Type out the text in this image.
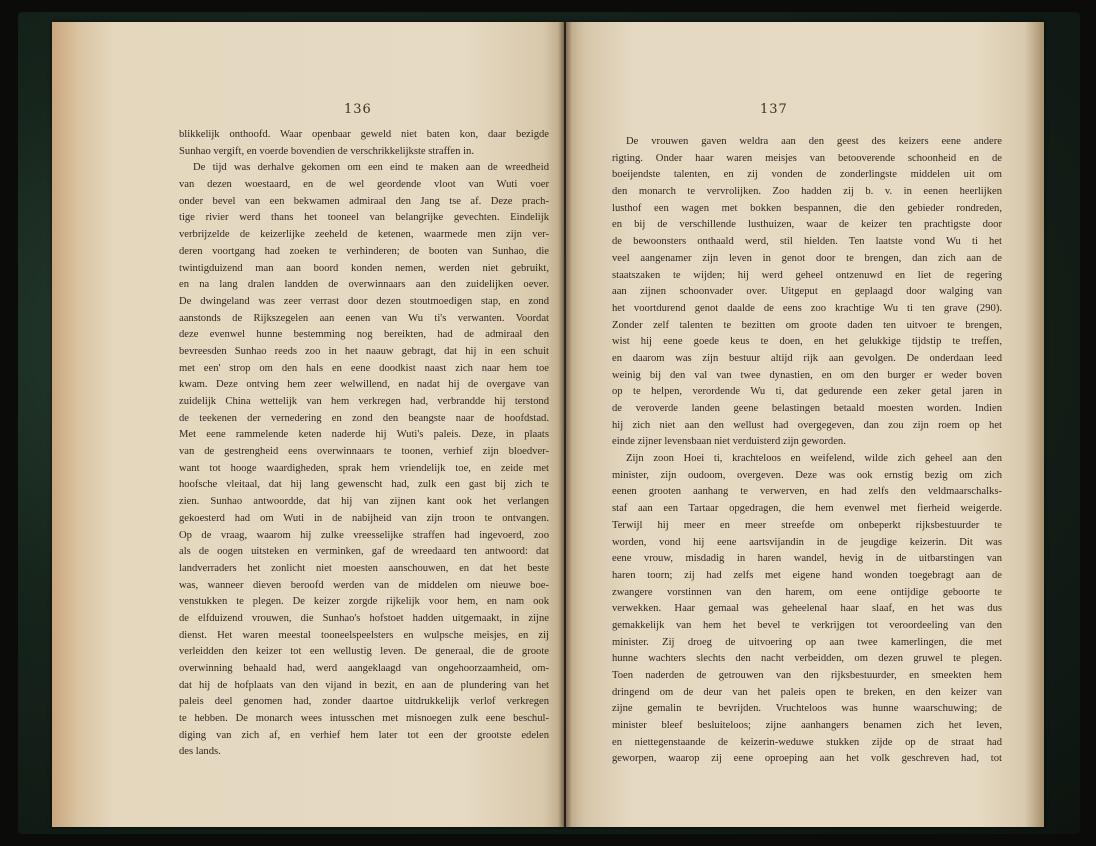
136
blikkelijk onthoofd. Waar openbaar geweld niet baten kon, daar bezigde
Sunhao vergift, en voerde bovendien de verschrikkelijkste straffen in.
De tijd was derhalve gekomen om een eind te maken aan de wreedheid
van dezen woestaard, en de wel geordende vloot van Wuti voer
onder bevel van een bekwamen admiraal den Jang tse af. Deze prach-
tige rivier werd thans het tooneel van belangrijke gevechten. Eindelijk
verbrijzelde de keizerlijke zeeheld de ketenen, waarmede men zijn ver-
deren voortgang had zoeken te verhinderen; de booten van Sunhao, die
twintigduizend man aan boord konden nemen, werden niet gebruikt,
en na lang dralen landden de overwinnaars aan den zuidelijken oever.
De dwingeland was zeer verrast door dezen stoutmoedigen stap, en zond
aanstonds de Rijkszegelen aan eenen van Wu ti's verwanten. Voordat
deze evenwel hunne bestemming nog bereikten, had de admiraal den
bevreesden Sunhao reeds zoo in het naauw gebragt, dat hij in een schuit
met een' strop om den hals en eene doodkist naast zich naar hem toe
kwam. Deze ontving hem zeer welwillend, en nadat hij de overgave van
zuidelijk China wettelijk van hem verkregen had, verbrandde hij terstond
de teekenen der vernedering en zond den beangste naar de hoofdstad.
Met eene rammelende keten naderde hij Wuti's paleis. Deze, in plaats
van de gestrengheid eens overwinnaars te toonen, verhief zijn bloedver-
want tot hooge waardigheden, sprak hem vriendelijk toe, en zeide met
hoofsche vleitaal, dat hij lang gewenscht had, zulk een gast bij zich te
zien. Sunhao antwoordde, dat hij van zijnen kant ook het verlangen
gekoesterd had om Wuti in de nabijheid van zijn troon te ontvangen.
Op de vraag, waarom hij zulke vreesselijke straffen had ingevoerd, zoo
als de oogen uitsteken en verminken, gaf de wreedaard ten antwoord: dat
landverraders het zonlicht niet moesten aanschouwen, en dat het beste
was, wanneer dieven beroofd werden van de middelen om nieuwe boe-
venstukken te plegen. De keizer zorgde rijkelijk voor hem, en nam ook
de elfduizend vrouwen, die Sunhao's hofstoet hadden uitgemaakt, in zijne
dienst. Het waren meestal tooneelspeelsters en wulpsche meisjes, en zij
verleidden den keizer tot een wellustig leven. De generaal, die de groote
overwinning behaald had, werd aangeklaagd van ongehoorzaamheid, om-
dat hij de hofplaats van den vijand in bezit, en aan de plundering van het
paleis deel genomen had, zonder daartoe uitdrukkelijk verlof verkregen
te hebben. De monarch wees intusschen met misnoegen zulk eene beschul-
diging van zich af, en verhief hem later tot een der grootste edelen
des lands.
137
De vrouwen gaven weldra aan den geest des keizers eene andere
rigting. Onder haar waren meisjes van betooverende schoonheid en de
boeijendste talenten, en zij vonden de zonderlingste middelen uit om
den monarch te vervrolijken. Zoo hadden zij b. v. in eenen heerlijken
lusthof een wagen met bokken bespannen, die den gebieder rondreden,
en bij de verschillende lusthuizen, waar de keizer ten prachtigste door
de bewoonsters onthaald werd, stil hielden. Ten laatste vond Wu ti het
veel aangenamer zijn leven in genot door te brengen, dan zich aan de
staatszaken te wijden; hij werd geheel ontzenuwd en liet de regering
aan zijnen schoonvader over. Uitgeput en geplaagd door walging van
het voortdurend genot daalde de eens zoo krachtige Wu ti ten grave (290).
Zonder zelf talenten te bezitten om groote daden ten uitvoer te brengen,
wist hij eene goede keus te doen, en het gelukkige tijdstip te treffen,
en daarom was zijn bestuur altijd rijk aan gevolgen. De onderdaan leed
weinig bij den val van twee dynastien, en om den burger er weder boven
op te helpen, verordende Wu ti, dat gedurende een zeker getal jaren in
de veroverde landen geene belastingen betaald moesten worden. Indien
hij zich niet aan den wellust had overgegeven, dan zou zijn roem op het
einde zijner levensbaan niet verduisterd zijn geworden.
Zijn zoon Hoei ti, krachteloos en weifelend, wilde zich geheel aan den
minister, zijn oudoom, overgeven. Deze was ook ernstig bezig om zich
eenen grooten aanhang te verwerven, en had zelfs den veldmaarschalks-
staf aan een Tartaar opgedragen, die hem evenwel met fierheid weigerde.
Terwijl hij meer en meer streefde om onbeperkt rijksbestuurder te
worden, vond hij eene aartsvijandin in de jeugdige keizerin. Dit was
eene vrouw, misdadig in haren wandel, hevig in de uitbarstingen van
haren toorn; zij had zelfs met eigene hand wonden toegebragt aan de
zwangere vorstinnen van den harem, om eene ontijdige geboorte te
verwekken. Haar gemaal was geheelenal haar slaaf, en het was dus
gemakkelijk van hem het bevel te verkrijgen tot veroordeeling van den
minister. Zij droeg de uitvoering op aan twee kamerlingen, die met
hunne wachters slechts den nacht verbeidden, om dezen gruwel te plegen.
Toen naderden de getrouwen van den rijksbestuurder, en smeekten hem
dringend om de deur van het paleis open te breken, en den keizer van
zijne gemalin te bevrijden. Vruchteloos was hunne waarschuwing; de
minister bleef besluiteloos; zijne aanhangers benamen zich het leven,
en niettegenstaande de keizerin-weduwe stukken zijde op de straat had
geworpen, waarop zij eene oproeping aan het volk geschreven had, tot
